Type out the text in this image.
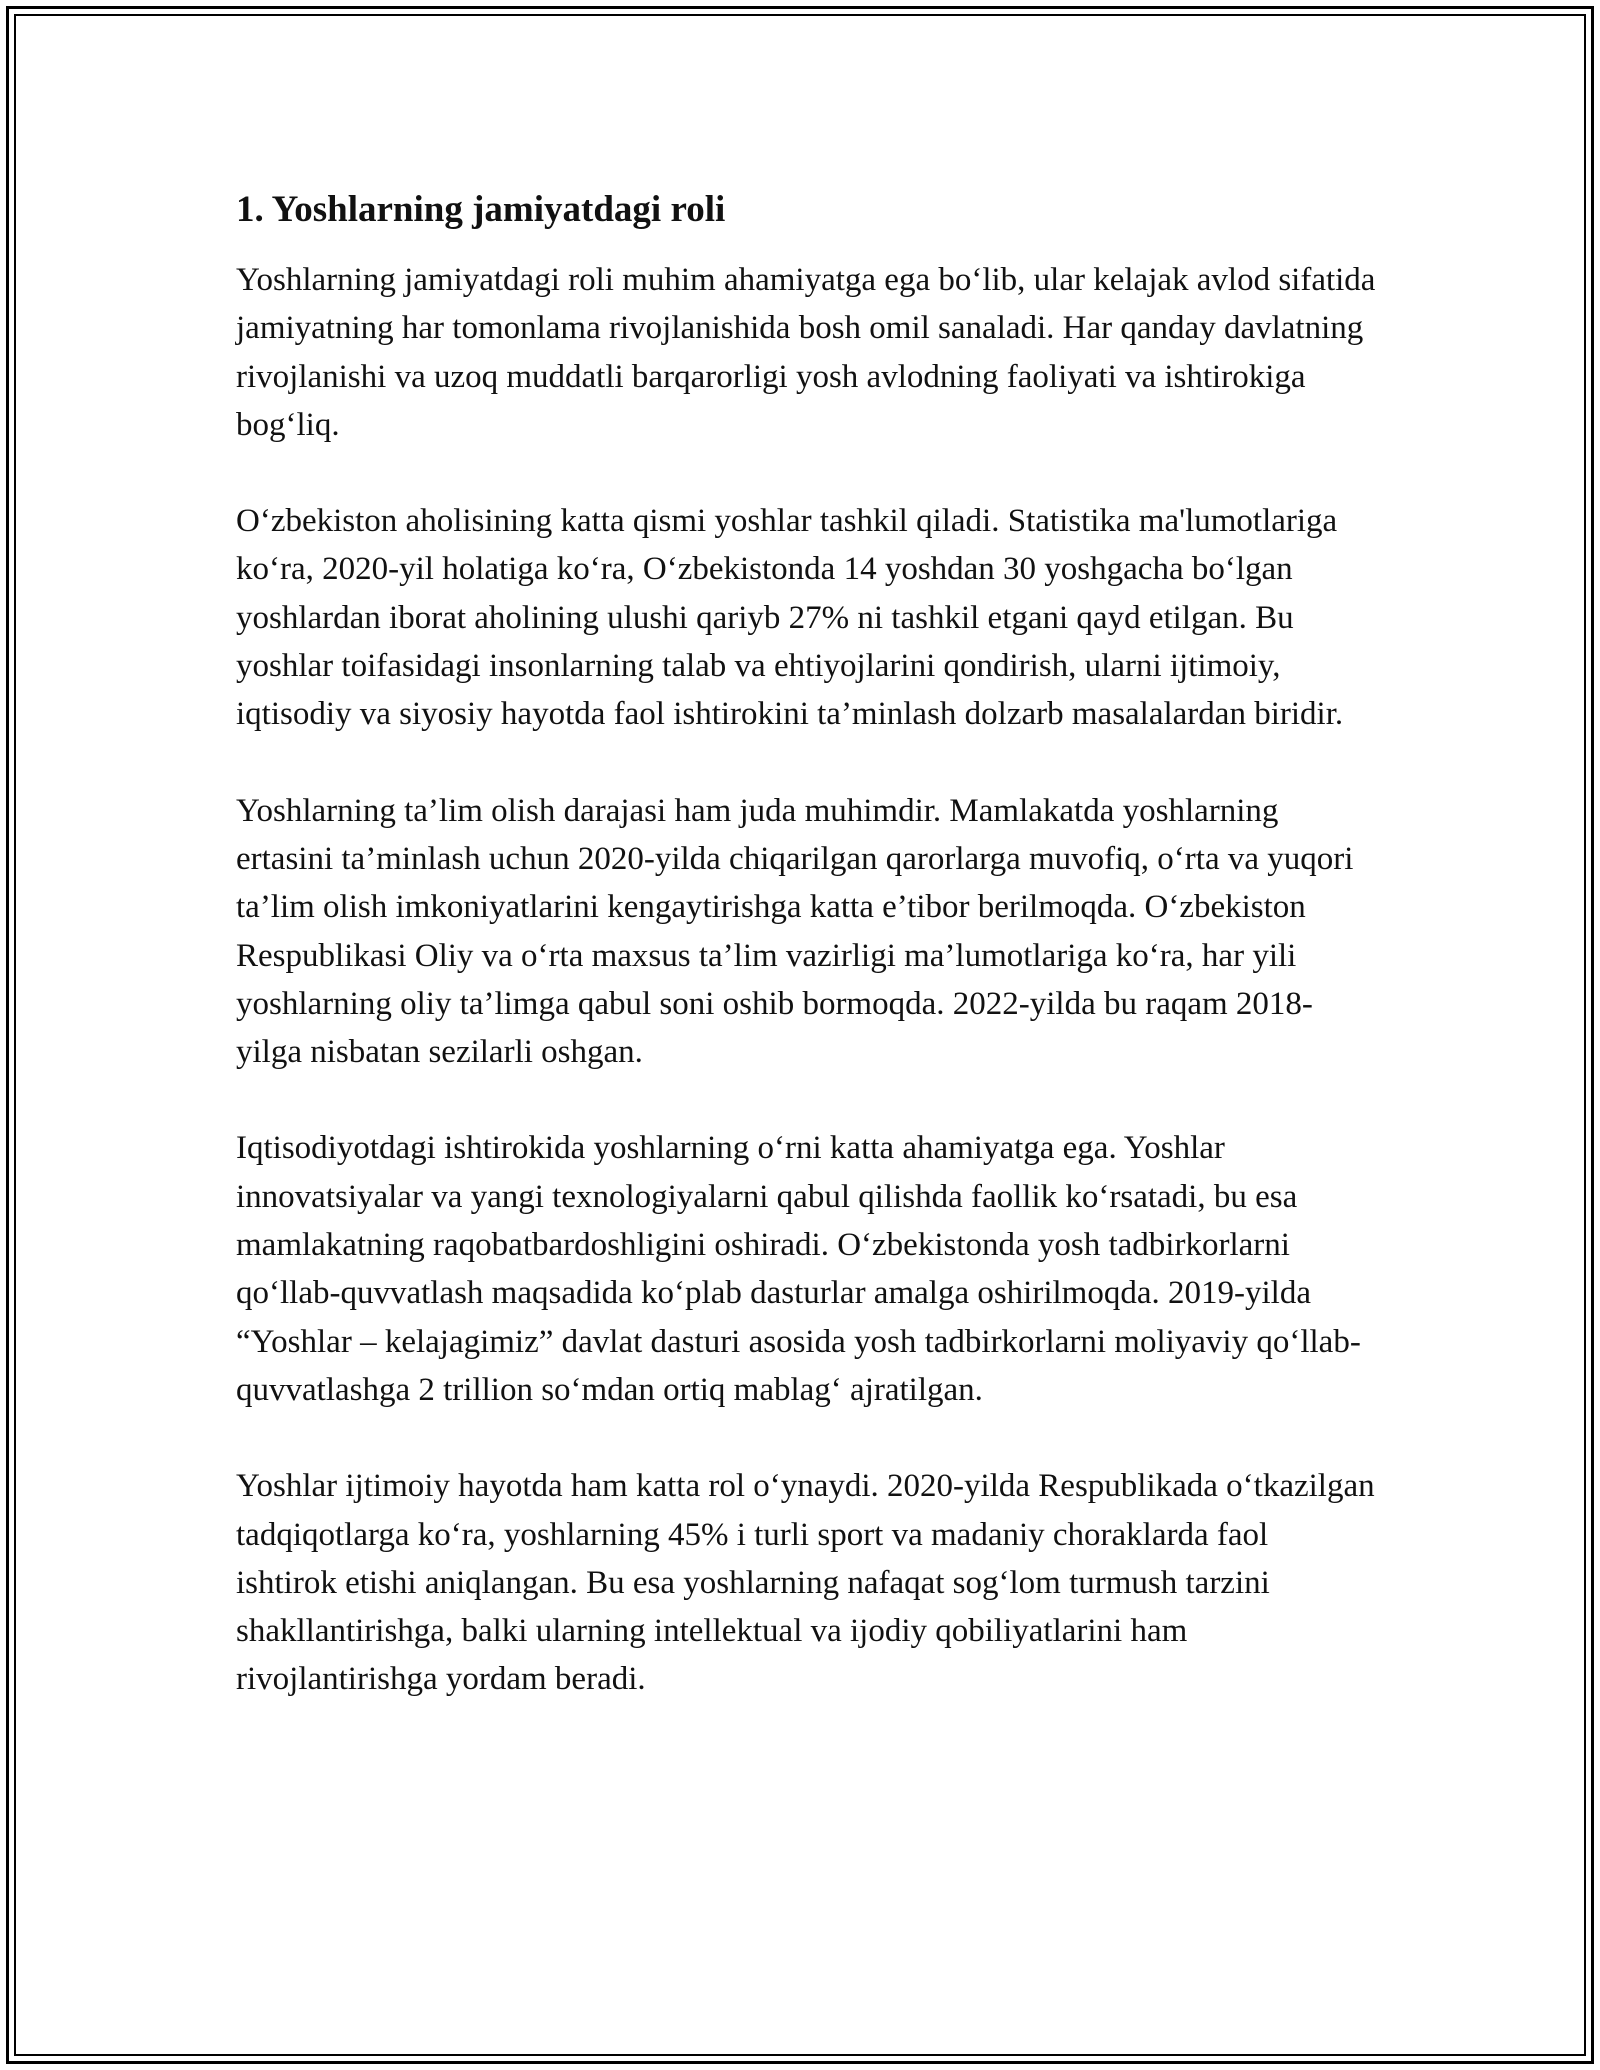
1. Yoshlarning jamiyatdagi roli

Yoshlarning jamiyatdagi roli muhim ahamiyatga ega bo‘lib, ular kelajak avlod sifatida jamiyatning har tomonlama rivojlanishida bosh omil sanaladi. Har qanday davlatning rivojlanishi va uzoq muddatli barqarorligi yosh avlodning faoliyati va ishtirokiga bog‘liq.

O‘zbekiston aholisining katta qismi yoshlar tashkil qiladi. Statistika ma'lumotlariga ko‘ra, 2020-yil holatiga ko‘ra, O‘zbekistonda 14 yoshdan 30 yoshgacha bo‘lgan yoshlardan iborat aholining ulushi qariyb 27% ni tashkil etgani qayd etilgan. Bu yoshlar toifasidagi insonlarning talab va ehtiyojlarini qondirish, ularni ijtimoiy, iqtisodiy va siyosiy hayotda faol ishtirokini ta’minlash dolzarb masalalardan biridir.

Yoshlarning ta’lim olish darajasi ham juda muhimdir. Mamlakatda yoshlarning ertasini ta’minlash uchun 2020-yilda chiqarilgan qarorlarga muvofiq, o‘rta va yuqori ta’lim olish imkoniyatlarini kengaytirishga katta e’tibor berilmoqda. O‘zbekiston Respublikasi Oliy va o‘rta maxsus ta’lim vazirligi ma’lumotlariga ko‘ra, har yili yoshlarning oliy ta’limga qabul soni oshib bormoqda. 2022-yilda bu raqam 2018-yilga nisbatan sezilarli oshgan.

Iqtisodiyotdagi ishtirokida yoshlarning o‘rni katta ahamiyatga ega. Yoshlar innovatsiyalar va yangi texnologiyalarni qabul qilishda faollik ko‘rsatadi, bu esa mamlakatning raqobatbardoshligini oshiradi. O‘zbekistonda yosh tadbirkorlarni qo‘llab-quvvatlash maqsadida ko‘plab dasturlar amalga oshirilmoqda. 2019-yilda “Yoshlar – kelajagimiz” davlat dasturi asosida yosh tadbirkorlarni moliyaviy qo‘llab-quvvatlashga 2 trillion so‘mdan ortiq mablag‘ ajratilgan.

Yoshlar ijtimoiy hayotda ham katta rol o‘ynaydi. 2020-yilda Respublikada o‘tkazilgan tadqiqotlarga ko‘ra, yoshlarning 45% i turli sport va madaniy choraklarda faol ishtirok etishi aniqlangan. Bu esa yoshlarning nafaqat sog‘lom turmush tarzini shakllantirishga, balki ularning intellektual va ijodiy qobiliyatlarini ham rivojlantirishga yordam beradi.
